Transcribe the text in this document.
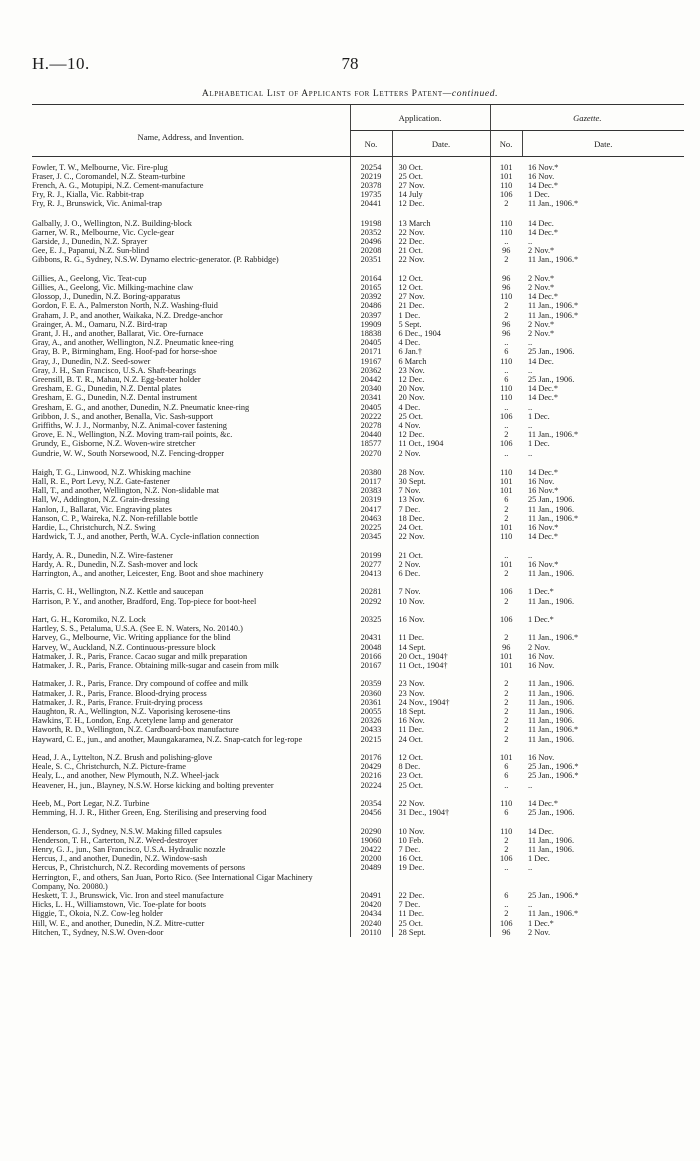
H.—10.	78
Alphabetical List of Applicants for Letters Patent—continued.
Name, Address, and Invention.	Application.		Gazette.	
	No.	Date.	No.	Date.

Fowler, T. W., Melbourne, Vic. Fire-plug	20254	30 Oct.	101	16 Nov.*
Fraser, J. C., Coromandel, N.Z. Steam-turbine	20219	25 Oct.	101	16 Nov.
French, A. G., Motupipi, N.Z. Cement-manufacture	20378	27 Nov.	110	14 Dec.*
Fry, R. J., Kialla, Vic. Rabbit-trap	19735	14 July	106	1 Dec.
Fry, R. J., Brunswick, Vic. Animal-trap	20441	12 Dec.	2	11 Jan., 1906.*

Galbally, J. O., Wellington, N.Z. Building-block	19198	13 March	110	14 Dec.
Garner, W. R., Melbourne, Vic. Cycle-gear	20352	22 Nov.	110	14 Dec.*
Garside, J., Dunedin, N.Z. Sprayer	20496	22 Dec.	..	..
Gee, E. J., Papanui, N.Z. Sun-blind	20208	21 Oct.	96	2 Nov.*
Gibbons, R. G., Sydney, N.S.W. Dynamo electric-generator. (P. Rabbidge)	20351	22 Nov.	2	11 Jan., 1906.*
Gillies, A., Geelong, Vic. Teat-cup	20164	12 Oct.	96	2 Nov.*
Gillies, A., Geelong, Vic. Milking-machine claw	20165	12 Oct.	96	2 Nov.*
Glossop, J., Dunedin, N.Z. Boring-apparatus	20392	27 Nov.	110	14 Dec.*
Gordon, F. E. A., Palmerston North, N.Z. Washing-fluid	20486	21 Dec.	2	11 Jan., 1906.*
Graham, J. P., and another, Waikaka, N.Z. Dredge-anchor	20397	1 Dec.	2	11 Jan., 1906.*
Grainger, A. M., Oamaru, N.Z. Bird-trap	19909	5 Sept.	96	2 Nov.*
Grant, J. H., and another, Ballarat, Vic. Ore-furnace	18838	6 Dec., 1904	96	2 Nov.*
Gray, A., and another, Wellington, N.Z. Pneumatic knee-ring	20405	4 Dec.	..	..
Gray, B. P., Birmingham, Eng. Hoof-pad for horse-shoe	20171	6 Jan.†	6	25 Jan., 1906.
Gray, J., Dunedin, N.Z. Seed-sower	19167	6 March	110	14 Dec.
Gray, J. H., San Francisco, U.S.A. Shaft-bearings	20362	23 Nov.	..	..
Greensill, B. T. R., Mahau, N.Z. Egg-beater holder	20442	12 Dec.	6	25 Jan., 1906.
Gresham, E. G., Dunedin, N.Z. Dental plates	20340	20 Nov.	110	14 Dec.*
Gresham, E. G., Dunedin, N.Z. Dental instrument	20341	20 Nov.	110	14 Dec.*
Gresham, E. G., and another, Dunedin, N.Z. Pneumatic knee-ring	20405	4 Dec.	..	..
Gribbon, J. S., and another, Benalla, Vic. Sash-support	20222	25 Oct.	106	1 Dec.
Griffiths, W. J. J., Normanby, N.Z. Animal-cover fastening	20278	4 Nov.	..	..
Grove, E. N., Wellington, N.Z. Moving tram-rail points, &c.	20440	12 Dec.	2	11 Jan., 1906.*
Grundy, E., Gisborne, N.Z. Woven-wire stretcher	18577	11 Oct., 1904	106	1 Dec.
Gundrie, W. W., South Norsewood, N.Z. Fencing-dropper	20270	2 Nov.	..	..

Haigh, T. G., Linwood, N.Z. Whisking machine	20380	28 Nov.	110	14 Dec.*
Hall, R. E., Port Levy, N.Z. Gate-fastener	20117	30 Sept.	101	16 Nov.
Hall, T., and another, Wellington, N.Z. Non-slidable mat	20383	7 Nov.	101	16 Nov.*
Hall, W., Addington, N.Z. Grain-dressing	20319	13 Nov.	6	25 Jan., 1906.
Hanlon, J., Ballarat, Vic. Engraving plates	20417	7 Dec.	2	11 Jan., 1906.
Hanson, C. P., Waireka, N.Z. Non-refillable bottle	20463	18 Dec.	2	11 Jan., 1906.*
Hardie, L., Christchurch, N.Z. Swing	20225	24 Oct.	101	16 Nov.*
Hardwick, T. J., and another, Perth, W.A. Cycle-inflation connection	20345	22 Nov.	110	14 Dec.*
Hardy, A. R., Dunedin, N.Z. Wire-fastener	20199	21 Oct.	..	..
Hardy, A. R., Dunedin, N.Z. Sash-mover and lock	20277	2 Nov.	101	16 Nov.*
Harrington, A., and another, Leicester, Eng. Boot and shoe machinery	20413	6 Dec.	2	11 Jan., 1906.
Harris, C. H., Wellington, N.Z. Kettle and saucepan	20281	7 Nov.	106	1 Dec.*
Harrison, P. Y., and another, Bradford, Eng. Top-piece for boot-heel	20292	10 Nov.	2	11 Jan., 1906.
Hart, G. H., Koromiko, N.Z. Lock	20325	16 Nov.	106	1 Dec.*
Hartley, S. S., Petaluma, U.S.A. (See E. N. Waters, No. 20140.)				
Harvey, G., Melbourne, Vic. Writing appliance for the blind	20431	11 Dec.	2	11 Jan., 1906.*
Harvey, W., Auckland, N.Z. Continuous-pressure block	20048	14 Sept.	96	2 Nov.
Hatmaker, J. R., Paris, France. Cacao sugar and milk preparation	20166	20 Oct., 1904†	101	16 Nov.
Hatmaker, J. R., Paris, France. Obtaining milk-sugar and casein from milk	20167	11 Oct., 1904†	101	16 Nov.
Hatmaker, J. R., Paris, France. Dry compound of coffee and milk	20359	23 Nov.	2	11 Jan., 1906.
Hatmaker, J. R., Paris, France. Blood-drying process	20360	23 Nov.	2	11 Jan., 1906.
Hatmaker, J. R., Paris, France. Fruit-drying process	20361	24 Nov., 1904†	2	11 Jan., 1906.
Haughton, R. A., Wellington, N.Z. Vaporising kerosene-tins	20055	18 Sept.	2	11 Jan., 1906.
Hawkins, T. H., London, Eng. Acetylene lamp and generator	20326	16 Nov.	2	11 Jan., 1906.
Haworth, R. D., Wellington, N.Z. Cardboard-box manufacture	20433	11 Dec.	2	11 Jan., 1906.*
Hayward, C. E., jun., and another, Maungakaramea, N.Z. Snap-catch for leg-rope	20215	24 Oct.	2	11 Jan., 1906.
Head, J. A., Lyttelton, N.Z. Brush and polishing-glove	20176	12 Oct.	101	16 Nov.
Heale, S. C., Christchurch, N.Z. Picture-frame	20429	8 Dec.	6	25 Jan., 1906.*
Healy, L., and another, New Plymouth, N.Z. Wheel-jack	20216	23 Oct.	6	25 Jan., 1906.*
Heavener, H., jun., Blayney, N.S.W. Horse kicking and bolting preventer	20224	25 Oct.	..	..
Heeb, M., Port Legar, N.Z. Turbine	20354	22 Nov.	110	14 Dec.*
Hemming, H. J. R., Hither Green, Eng. Sterilising and preserving food	20456	31 Dec., 1904†	6	25 Jan., 1906.
Henderson, G. J., Sydney, N.S.W. Making filled capsules	20290	10 Nov.	110	14 Dec.
Henderson, T. H., Carterton, N.Z. Weed-destroyer	19060	10 Feb.	2	11 Jan., 1906.
Henry, G. J., jun., San Francisco, U.S.A. Hydraulic nozzle	20422	7 Dec.	2	11 Jan., 1906.
Hercus, J., and another, Dunedin, N.Z. Window-sash	20200	16 Oct.	106	1 Dec.
Hercus, P., Christchurch, N.Z. Recording movements of persons	20489	19 Dec.	..	..
Herrington, F., and others, San Juan, Porto Rico. (See International Cigar Machinery Company, No. 20080.)				
Heskett, T. J., Brunswick, Vic. Iron and steel manufacture	20491	22 Dec.	6	25 Jan., 1906.*
Hicks, L. H., Williamstown, Vic. Toe-plate for boots	20420	7 Dec.	..	..
Higgie, T., Okoia, N.Z. Cow-leg holder	20434	11 Dec.	2	11 Jan., 1906.*
Hill, W. E., and another, Dunedin, N.Z. Mitre-cutter	20240	25 Oct.	106	1 Dec.*
Hitchen, T., Sydney, N.S.W. Oven-door	20110	28 Sept.	96	2 Nov.
